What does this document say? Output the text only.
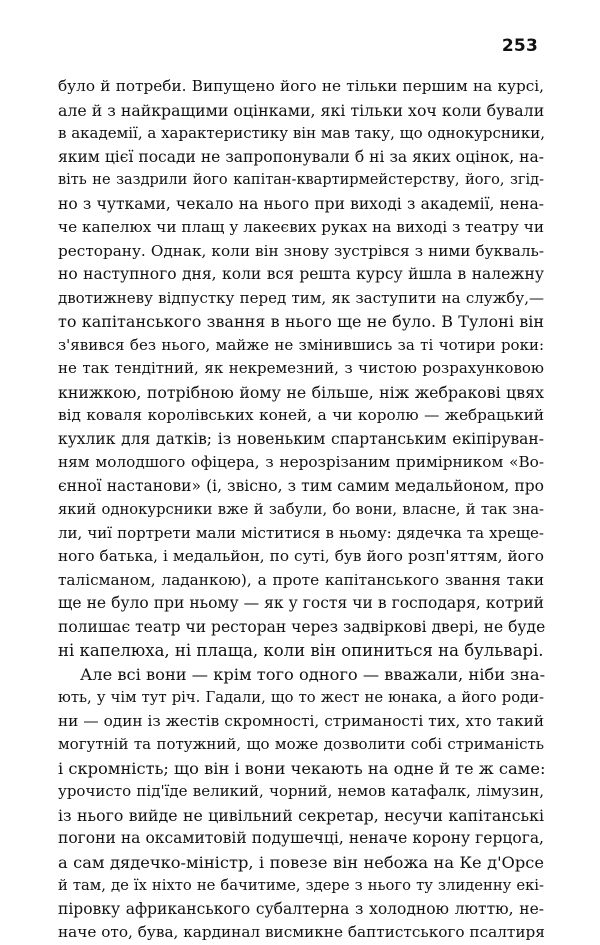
253
було й потреби. Випущено його не тільки першим на курсі,
але й з найкращими оцінками, які тільки хоч коли бували
в академії, а характеристику він мав таку, що однокурсники,
яким цієї посади не запропонували б ні за яких оцінок, на-
віть не заздрили його капітан-квартирмейстерству, його, згід-
но з чутками, чекало на нього при виході з академії, нена-
че капелюх чи плащ у лакеєвих руках на виході з театру чи
ресторану. Однак, коли він знову зустрівся з ними букваль-
но наступного дня, коли вся решта курсу йшла в належну
двотижневу відпустку перед тим, як заступити на службу,—
то капітанського звання в нього ще не було. В Тулоні він
з'явився без нього, майже не змінившись за ті чотири роки:
не так тендітний, як некремезний, з чистою розрахунковою
книжкою, потрібною йому не більше, ніж жебракові цвях
від коваля королівських коней, а чи королю — жебрацький
кухлик для датків; із новеньким спартанським екіпіруван-
ням молодшого офіцера, з нерозрізаним примірником «Во-
єнної настанови» (і, звісно, з тим самим медальйоном, про
який однокурсники вже й забули, бо вони, власне, й так зна-
ли, чиї портрети мали міститися в ньому: дядечка та хреще-
ного батька, і медальйон, по суті, був його розп'яттям, його
талісманом, ладанкою), а проте капітанського звання таки
ще не було при ньому — як у гостя чи в господаря, котрий
полишає театр чи ресторан через задвіркові двері, не буде
ні капелюха, ні плаща, коли він опиниться на бульварі.
Але всі вони — крім того одного — вважали, ніби зна-
ють, у чім тут річ. Гадали, що то жест не юнака, а його роди-
ни — один із жестів скромності, стриманості тих, хто такий
могутній та потужний, що може дозволити собі стриманість
і скромність; що він і вони чекають на одне й те ж саме:
урочисто під'їде великий, чорний, немов катафалк, лімузин,
із нього вийде не цивільний секретар, несучи капітанські
погони на оксамитовій подушечці, неначе корону герцога,
а сам дядечко-міністр, і повезе він небожа на Ке д'Орсе
й там, де їх ніхто не бачитиме, здере з нього ту злиденну екі-
піровку африканського субалтерна з холодною люттю, не-
наче ото, бува, кардинал висмикне баптистського псалтиря
